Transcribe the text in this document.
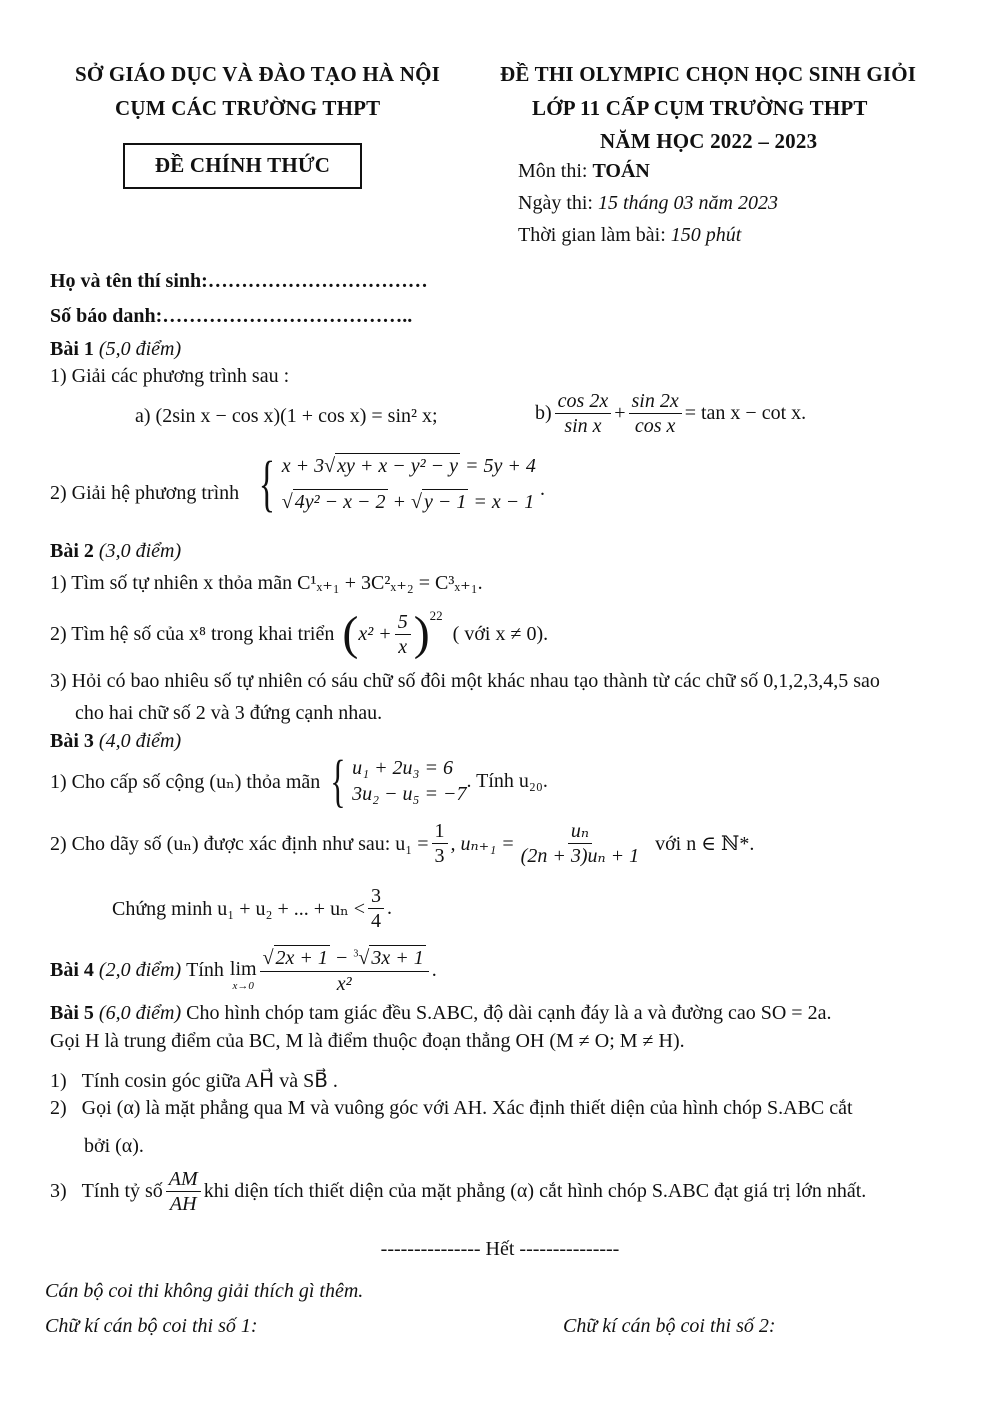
SỞ GIÁO DỤC VÀ ĐÀO TẠO HÀ NỘI
CỤM CÁC TRƯỜNG THPT
ĐỀ CHÍNH THỨC
ĐỀ THI OLYMPIC CHỌN HỌC SINH GIỎI
LỚP 11 CẤP CỤM TRƯỜNG THPT
NĂM HỌC 2022 – 2023
Môn thi: TOÁN
Ngày thi: 15 tháng 03 năm 2023
Thời gian làm bài: 150 phút
Họ và tên thí sinh:……………………………
Số báo danh:………………………………..
Bài 1 (5,0 điểm)
1) Giải các phương trình sau :
a) (2sin x − cos x)(1 + cos x) = sin² x;	$b) \frac{\cos 2x}{\text{sin x}} + \frac{\sin 2x}{\text{cos x}} = \tan x - \cot x$.
2) Giải hệ phương trình { x + 3√ xy + x − y² − y = 5y + 4
√ 4y² − x − 2 + √ y − 1 = x − 1
.
Bài 2 (3,0 điểm)
1) Tìm số tự nhiên x thỏa mãn C¹ₓ₊₁ + 3C²ₓ₊₂ = C³ₓ₊₁.
2) Tìm hệ số của x⁸ trong khai triển ( $x^2 + \frac{5}{x}$ ) 22
( với x ≠ 0).
3) Hỏi có bao nhiêu số tự nhiên có sáu chữ số đôi một khác nhau tạo thành từ các chữ số 0,1,2,3,4,5 sao
cho hai chữ số 2 và 3 đứng cạnh nhau.
Bài 3 (4,0 điểm)
1) Cho cấp số cộng (uₙ) thỏa mãn { u₁ + 2u₃ = 6
3u₂ − u₅ = −7
. Tính u₂₀.
2) Cho dãy số (uₙ) được xác định như sau: $u_1 = \frac{1}{3}$ , $u_{n+1} = \frac{\text{uₙ}}{\text{(2n + 3)uₙ + 1}}$ với n ∈ ℕ*.
Chứng minh u₁ + u₂ + ... + $u_n < \frac{3}{4}$ .
Bài 4
(2,0 điểm)
Tính lim
$x\to 0 \frac{√ 2x + 1 - ^3√ 3x + 1}{\text{x²}}$ .
Bài 5 (6,0 điểm) Cho hình chóp tam giác đều S.ABC, độ dài cạnh đáy là a và đường cao SO = 2a.
Gọi H là trung điểm của BC, M là điểm thuộc đoạn thẳng OH (M ≠ O; M ≠ H).
1) Tính cosin góc giữa AH⃗ và SB⃗ .
2) Gọi (α) là mặt phẳng qua M và vuông góc với AH. Xác định thiết diện của hình chóp S.ABC cắt
bởi (α).
3)
Tính tỷ số $\frac{AM}{AH}$ khi diện tích thiết diện của mặt phẳng (α) cắt hình chóp S.ABC đạt giá trị lớn nhất.
--------------- Hết ---------------
Cán bộ coi thi không giải thích gì thêm.
Chữ kí cán bộ coi thi số 1:	Chữ kí cán bộ coi thi số 2:
